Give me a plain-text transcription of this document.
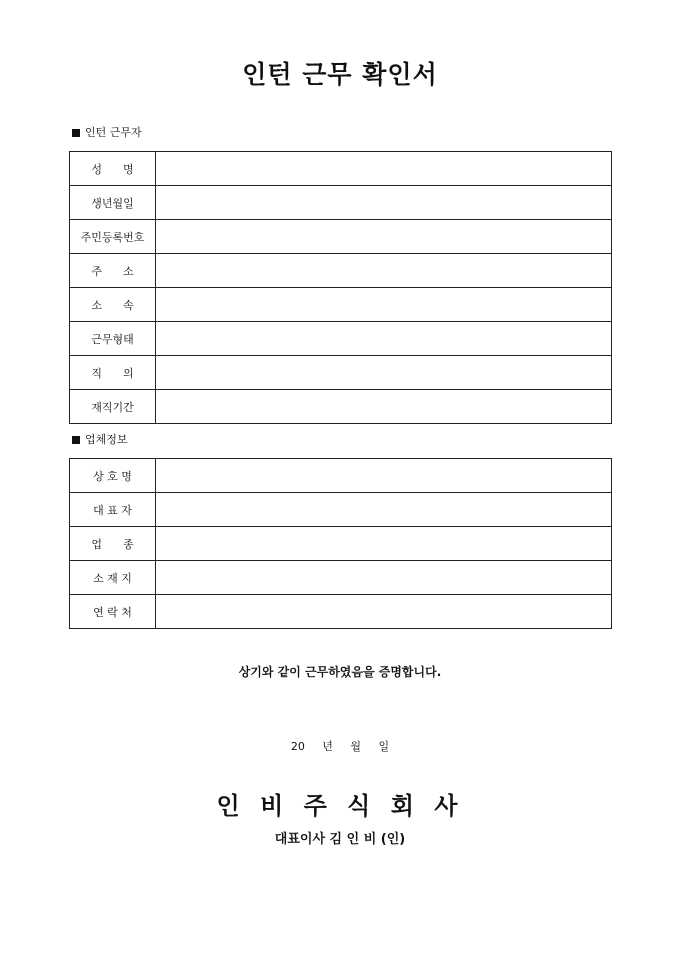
인턴 근무 확인서
인턴 근무자
성      명	
생년월일	
주민등록번호	
주      소	
소      속	
근무형태	
직      의	
재직기간	
업체정보
상 호 명	
대 표 자	
업      종	
소 재 지	
연 락 처	
상기와 같이 근무하였음을 증명합니다.
20     년     월     일
인 비 주 식 회 사
대표이사 김 인 비 (인)
